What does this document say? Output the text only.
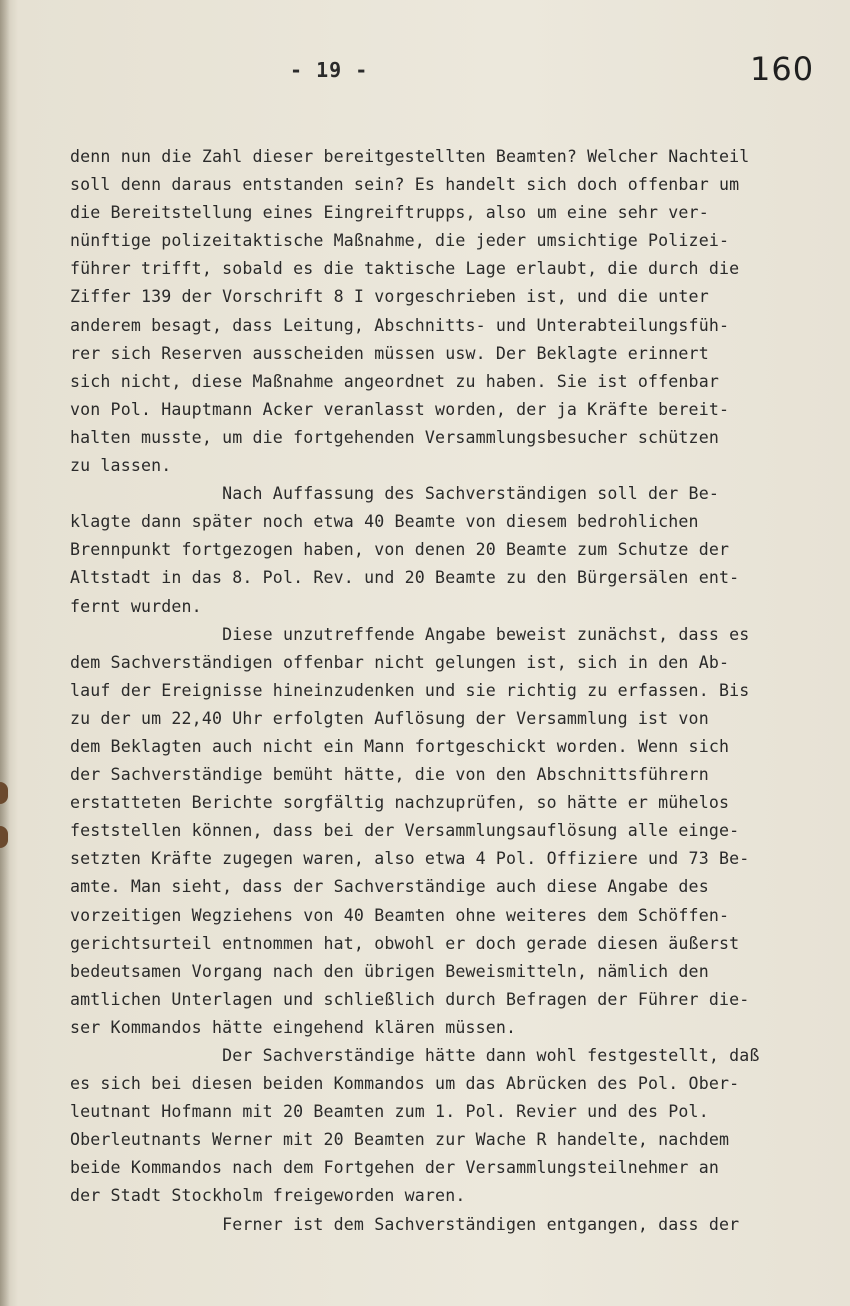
- 19 -	160
denn nun die Zahl dieser bereitgestellten Beamten? Welcher Nachteil
soll denn daraus entstanden sein? Es handelt sich doch offenbar um
die Bereitstellung eines Eingreiftrupps, also um eine sehr ver-
nünftige polizeitaktische Maßnahme, die jeder umsichtige Polizei-
führer trifft, sobald es die taktische Lage erlaubt, die durch die
Ziffer 139 der Vorschrift 8 I vorgeschrieben ist, und die unter
anderem besagt, dass Leitung, Abschnitts- und Unterabteilungsfüh-
rer sich Reserven ausscheiden müssen usw. Der Beklagte erinnert
sich nicht, diese Maßnahme angeordnet zu haben. Sie ist offenbar
von Pol. Hauptmann Acker veranlasst worden, der ja Kräfte bereit-
halten musste, um die fortgehenden Versammlungsbesucher schützen
zu lassen.
Nach Auffassung des Sachverständigen soll der Be-
klagte dann später noch etwa 40 Beamte von diesem bedrohlichen
Brennpunkt fortgezogen haben, von denen 20 Beamte zum Schutze der
Altstadt in das 8. Pol. Rev. und 20 Beamte zu den Bürgersälen ent-
fernt wurden.
Diese unzutreffende Angabe beweist zunächst, dass es
dem Sachverständigen offenbar nicht gelungen ist, sich in den Ab-
lauf der Ereignisse hineinzudenken und sie richtig zu erfassen. Bis
zu der um 22,40 Uhr erfolgten Auflösung der Versammlung ist von
dem Beklagten auch nicht ein Mann fortgeschickt worden. Wenn sich
der Sachverständige bemüht hätte, die von den Abschnittsführern
erstatteten Berichte sorgfältig nachzuprüfen, so hätte er mühelos
feststellen können, dass bei der Versammlungsauflösung alle einge-
setzten Kräfte zugegen waren, also etwa 4 Pol. Offiziere und 73 Be-
amte. Man sieht, dass der Sachverständige auch diese Angabe des
vorzeitigen Wegziehens von 40 Beamten ohne weiteres dem Schöffen-
gerichtsurteil entnommen hat, obwohl er doch gerade diesen äußerst
bedeutsamen Vorgang nach den übrigen Beweismitteln, nämlich den
amtlichen Unterlagen und schließlich durch Befragen der Führer die-
ser Kommandos hätte eingehend klären müssen.
Der Sachverständige hätte dann wohl festgestellt, daß
es sich bei diesen beiden Kommandos um das Abrücken des Pol. Ober-
leutnant Hofmann mit 20 Beamten zum 1. Pol. Revier und des Pol.
Oberleutnants Werner mit 20 Beamten zur Wache R handelte, nachdem
beide Kommandos nach dem Fortgehen der Versammlungsteilnehmer an
der Stadt Stockholm freigeworden waren.
Ferner ist dem Sachverständigen entgangen, dass der
